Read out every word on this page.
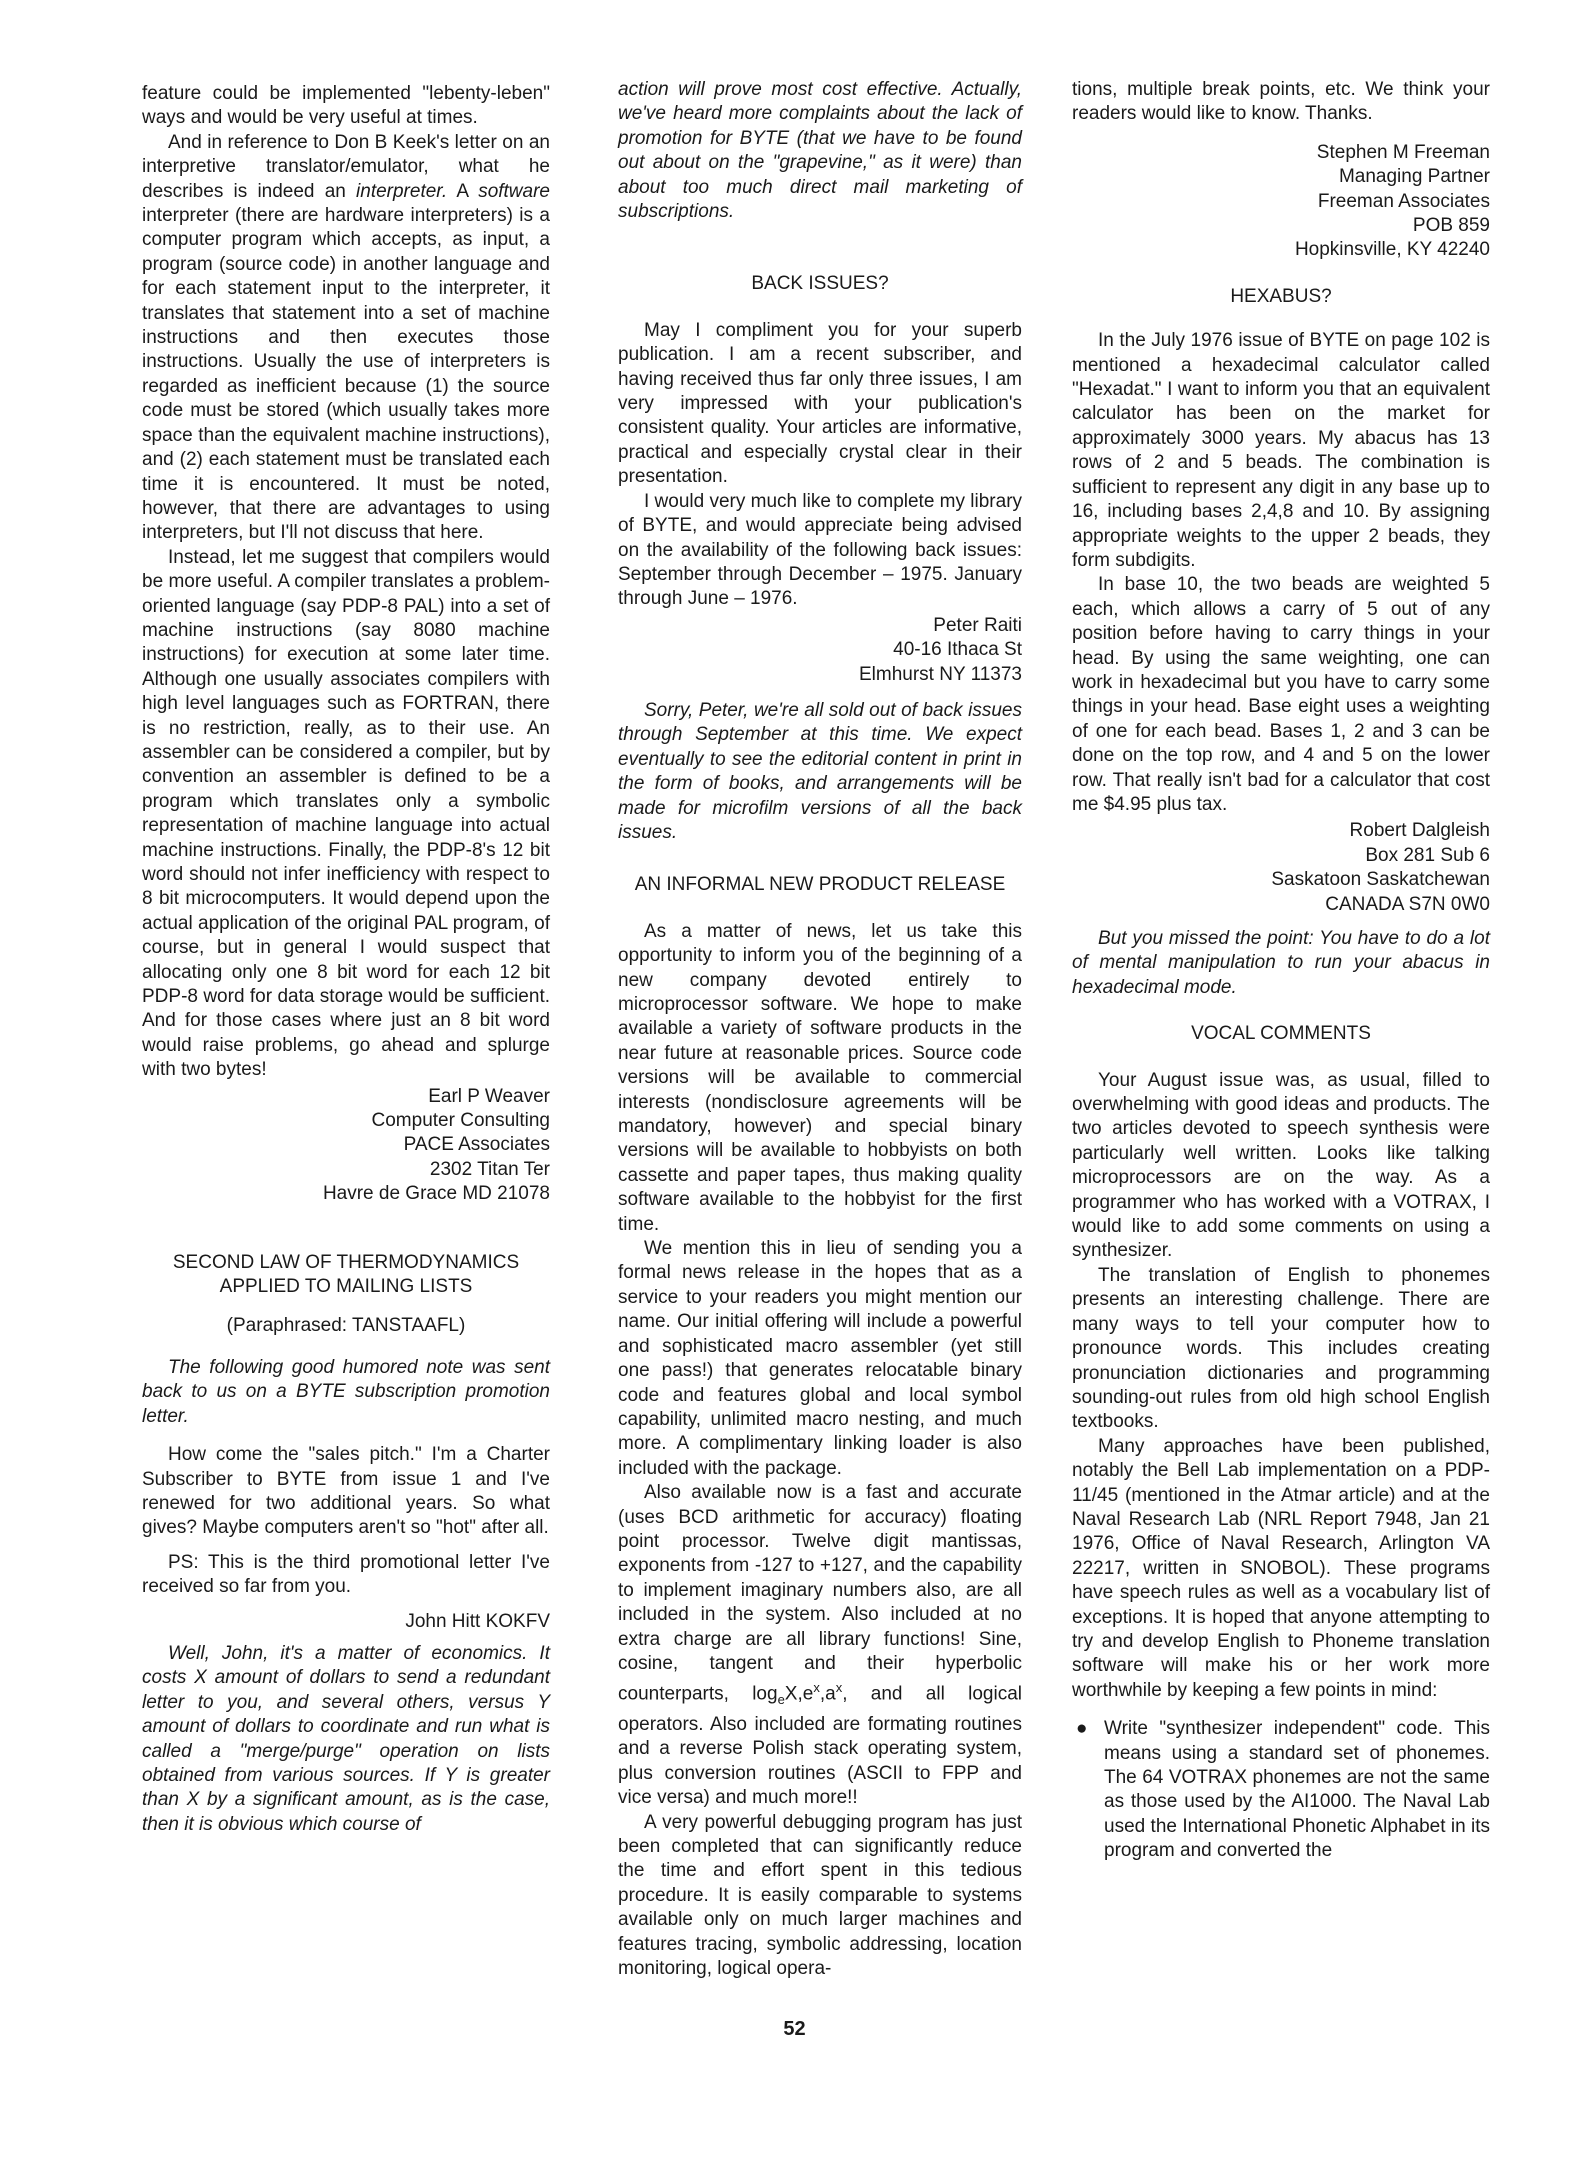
feature could be implemented "lebenty-leben" ways and would be very useful at times.

And in reference to Don B Keek's letter on an interpretive translator/emulator, what he describes is indeed an interpreter. A software interpreter (there are hardware interpreters) is a computer program which accepts, as input, a program (source code) in another language and for each statement input to the interpreter, it translates that statement into a set of machine instructions and then executes those instructions. Usually the use of interpreters is regarded as inefficient because (1) the source code must be stored (which usually takes more space than the equivalent machine instructions), and (2) each statement must be translated each time it is encountered. It must be noted, however, that there are advantages to using interpreters, but I'll not discuss that here.

Instead, let me suggest that compilers would be more useful. A compiler translates a problem-oriented language (say PDP-8 PAL) into a set of machine instructions (say 8080 machine instructions) for execution at some later time. Although one usually associates compilers with high level languages such as FORTRAN, there is no restriction, really, as to their use. An assembler can be considered a compiler, but by convention an assembler is defined to be a program which translates only a symbolic representation of machine language into actual machine instructions. Finally, the PDP-8's 12 bit word should not infer inefficiency with respect to 8 bit microcomputers. It would depend upon the actual application of the original PAL program, of course, but in general I would suspect that allocating only one 8 bit word for each 12 bit PDP-8 word for data storage would be sufficient. And for those cases where just an 8 bit word would raise problems, go ahead and splurge with two bytes!

Earl P Weaver
Computer Consulting
PACE Associates
2302 Titan Ter
Havre de Grace MD 21078

SECOND LAW OF THERMODYNAMICS
APPLIED TO MAILING LISTS

(Paraphrased: TANSTAAFL)

The following good humored note was sent back to us on a BYTE subscription promotion letter.

How come the "sales pitch." I'm a Charter Subscriber to BYTE from issue 1 and I've renewed for two additional years. So what gives? Maybe computers aren't so "hot" after all.

PS: This is the third promotional letter I've received so far from you.

John Hitt KOKFV

Well, John, it's a matter of economics. It costs X amount of dollars to send a redundant letter to you, and several others, versus Y amount of dollars to coordinate and run what is called a "merge/purge" operation on lists obtained from various sources. If Y is greater than X by a significant amount, as is the case, then it is obvious which course of

action will prove most cost effective. Actually, we've heard more complaints about the lack of promotion for BYTE (that we have to be found out about on the "grapevine," as it were) than about too much direct mail marketing of subscriptions.

BACK ISSUES?

May I compliment you for your superb publication. I am a recent subscriber, and having received thus far only three issues, I am very impressed with your publication's consistent quality. Your articles are informative, practical and especially crystal clear in their presentation.

I would very much like to complete my library of BYTE, and would appreciate being advised on the availability of the following back issues: September through December – 1975. January through June – 1976.

Peter Raiti
40-16 Ithaca St
Elmhurst NY 11373

Sorry, Peter, we're all sold out of back issues through September at this time. We expect eventually to see the editorial content in print in the form of books, and arrangements will be made for microfilm versions of all the back issues.

AN INFORMAL NEW PRODUCT RELEASE

As a matter of news, let us take this opportunity to inform you of the beginning of a new company devoted entirely to microprocessor software. We hope to make available a variety of software products in the near future at reasonable prices. Source code versions will be available to commercial interests (nondisclosure agreements will be mandatory, however) and special binary versions will be available to hobbyists on both cassette and paper tapes, thus making quality software available to the hobbyist for the first time.

We mention this in lieu of sending you a formal news release in the hopes that as a service to your readers you might mention our name. Our initial offering will include a powerful and sophisticated macro assembler (yet still one pass!) that generates relocatable binary code and features global and local symbol capability, unlimited macro nesting, and much more. A complimentary linking loader is also included with the package.

Also available now is a fast and accurate (uses BCD arithmetic for accuracy) floating point processor. Twelve digit mantissas, exponents from -127 to +127, and the capability to implement imaginary numbers also, are all included in the system. Also included at no extra charge are all library functions! Sine, cosine, tangent and their hyperbolic counterparts, $\log_eX,e^x,a^x$, and all logical operators. Also included are formating routines and a reverse Polish stack operating system, plus conversion routines (ASCII to FPP and vice versa) and much more!!

A very powerful debugging program has just been completed that can significantly reduce the time and effort spent in this tedious procedure. It is easily comparable to systems available only on much larger machines and features tracing, symbolic addressing, location monitoring, logical opera-

tions, multiple break points, etc. We think your readers would like to know. Thanks.

Stephen M Freeman
Managing Partner
Freeman Associates
POB 859
Hopkinsville, KY 42240

HEXABUS?

In the July 1976 issue of BYTE on page 102 is mentioned a hexadecimal calculator called "Hexadat." I want to inform you that an equivalent calculator has been on the market for approximately 3000 years. My abacus has 13 rows of 2 and 5 beads. The combination is sufficient to represent any digit in any base up to 16, including bases 2,4,8 and 10. By assigning appropriate weights to the upper 2 beads, they form subdigits.

In base 10, the two beads are weighted 5 each, which allows a carry of 5 out of any position before having to carry things in your head. By using the same weighting, one can work in hexadecimal but you have to carry some things in your head. Base eight uses a weighting of one for each bead. Bases 1, 2 and 3 can be done on the top row, and 4 and 5 on the lower row. That really isn't bad for a calculator that cost me $4.95 plus tax.

Robert Dalgleish
Box 281 Sub 6
Saskatoon Saskatchewan
CANADA S7N 0W0

But you missed the point: You have to do a lot of mental manipulation to run your abacus in hexadecimal mode.

VOCAL COMMENTS

Your August issue was, as usual, filled to overwhelming with good ideas and products. The two articles devoted to speech synthesis were particularly well written. Looks like talking microprocessors are on the way. As a programmer who has worked with a VOTRAX, I would like to add some comments on using a synthesizer.

The translation of English to phonemes presents an interesting challenge. There are many ways to tell your computer how to pronounce words. This includes creating pronunciation dictionaries and programming sounding-out rules from old high school English textbooks.

Many approaches have been published, notably the Bell Lab implementation on a PDP-11/45 (mentioned in the Atmar article) and at the Naval Research Lab (NRL Report 7948, Jan 21 1976, Office of Naval Research, Arlington VA 22217, written in SNOBOL). These programs have speech rules as well as a vocabulary list of exceptions. It is hoped that anyone attempting to try and develop English to Phoneme translation software will make his or her work more worthwhile by keeping a few points in mind:

● Write "synthesizer independent" code. This means using a standard set of phonemes. The 64 VOTRAX phonemes are not the same as those used by the AI1000. The Naval Lab used the International Phonetic Alphabet in its program and converted the
52
